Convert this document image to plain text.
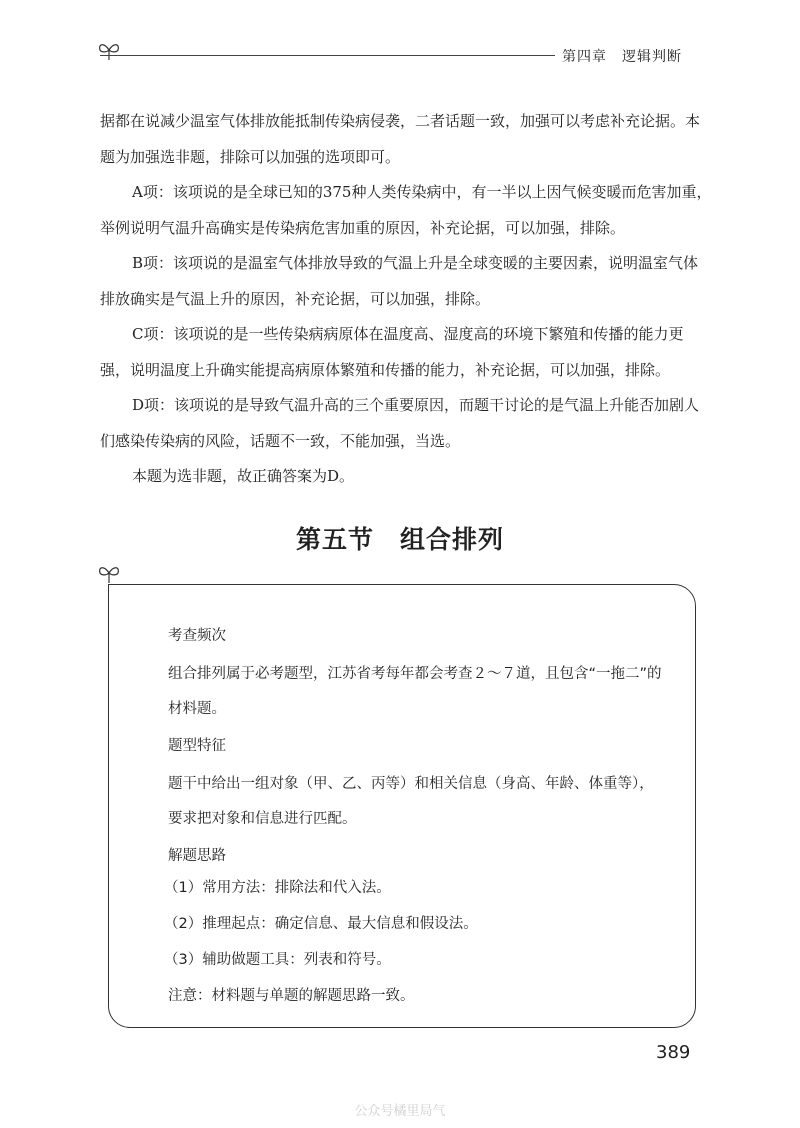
第四章　逻辑判断

据都在说减少温室气体排放能抵制传染病侵袭，二者话题一致，加强可以考虑补充论据。本题为加强选非题，排除可以加强的选项即可。

A项：该项说的是全球已知的375种人类传染病中，有一半以上因气候变暖而危害加重，举例说明气温升高确实是传染病危害加重的原因，补充论据，可以加强，排除。

B项：该项说的是温室气体排放导致的气温上升是全球变暖的主要因素，说明温室气体排放确实是气温上升的原因，补充论据，可以加强，排除。

C项：该项说的是一些传染病病原体在温度高、湿度高的环境下繁殖和传播的能力更强，说明温度上升确实能提高病原体繁殖和传播的能力，补充论据，可以加强，排除。

D项：该项说的是导致气温升高的三个重要原因，而题干讨论的是气温上升能否加剧人们感染传染病的风险，话题不一致，不能加强，当选。

本题为选非题，故正确答案为D。

第五节　组合排列

考查频次

组合排列属于必考题型，江苏省考每年都会考查２～７道，且包含“一拖二”的材料题。

题型特征

题干中给出一组对象（甲、乙、丙等）和相关信息（身高、年龄、体重等），要求把对象和信息进行匹配。

解题思路

（1）常用方法：排除法和代入法。

（2）推理起点：确定信息、最大信息和假设法。

（3）辅助做题工具：列表和符号。

注意：材料题与单题的解题思路一致。

389
公众号橘里局气
